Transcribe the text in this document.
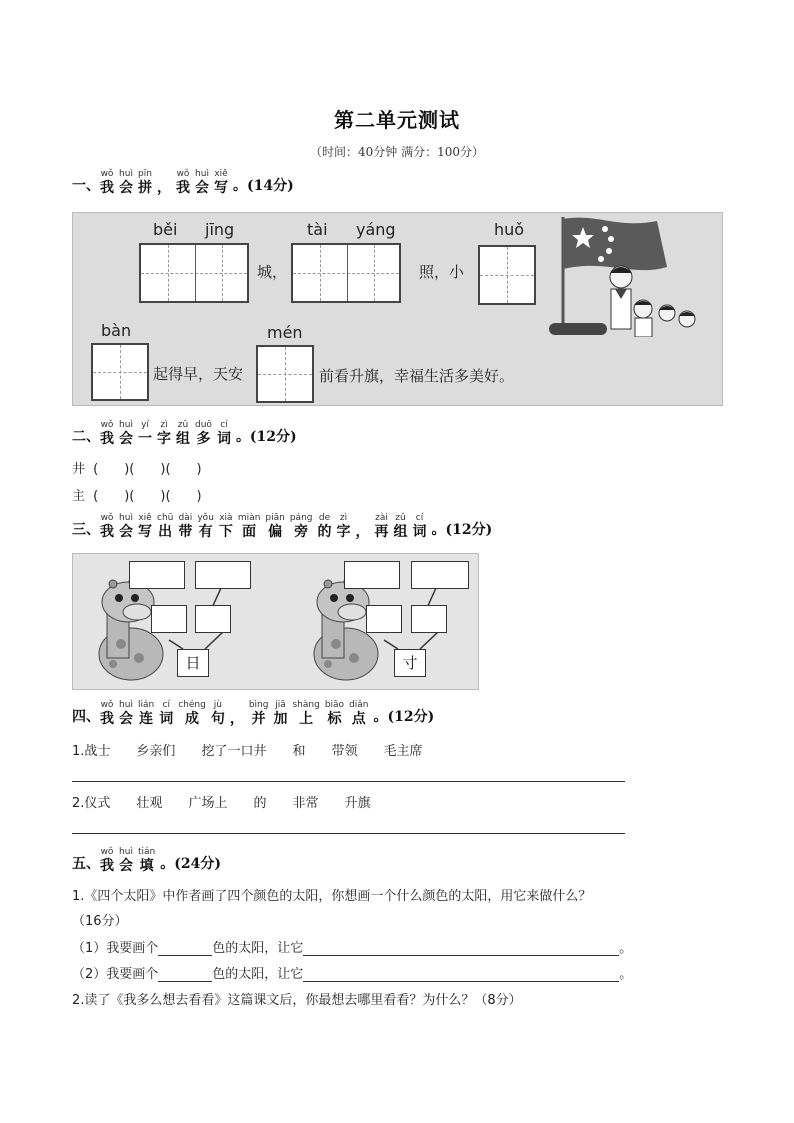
第二单元测试
（时间：40分钟 满分：100分）
一、
wǒ
我
huì
会
pīn
拼 ，
wǒ
我
huì
会
xiě
写 。(14分)
二、
wǒ
我
huì
会
yí
一
zì
字
zǔ
组
duō
多
cí
词 。(12分)
三、
wǒ
我
huì
会
xiě
写
chū
出
dài
带
yǒu
有
xià
下
miàn
面
piān
偏
páng
旁
de
的
zì
字 ，
zài
再
zǔ
组
cí
词 。(12分)
四、
wǒ
我
huì
会
lián
连
cí
词
chéng
成
jù
句 ，
bìng
并
jiā
加
shàng
上
biāo
标
diǎn
点 。(12分)
五、
wǒ
我
huì
会
tián
填 。(24分)
běi jīng
城，
tài yáng
照，小
huǒ
bàn
起得早，天安
mén
前看升旗，幸福生活多美好。
井 (　　)(　　)(　　)
主 (　　)(　　)(　　)
日	寸
1.战士 乡亲们 挖了一口井 和 带领 毛主席
2.仪式 壮观 广场上 的 非常 升旗
1.《四个太阳》中作者画了四个颜色的太阳，你想画一个什么颜色的太阳，用它来做什么？
（16分）
（1）我要画个	色的太阳，让它	。
（2）我要画个	色的太阳，让它	。
2.读了《我多么想去看看》这篇课文后，你最想去哪里看看？为什么？（8分）
